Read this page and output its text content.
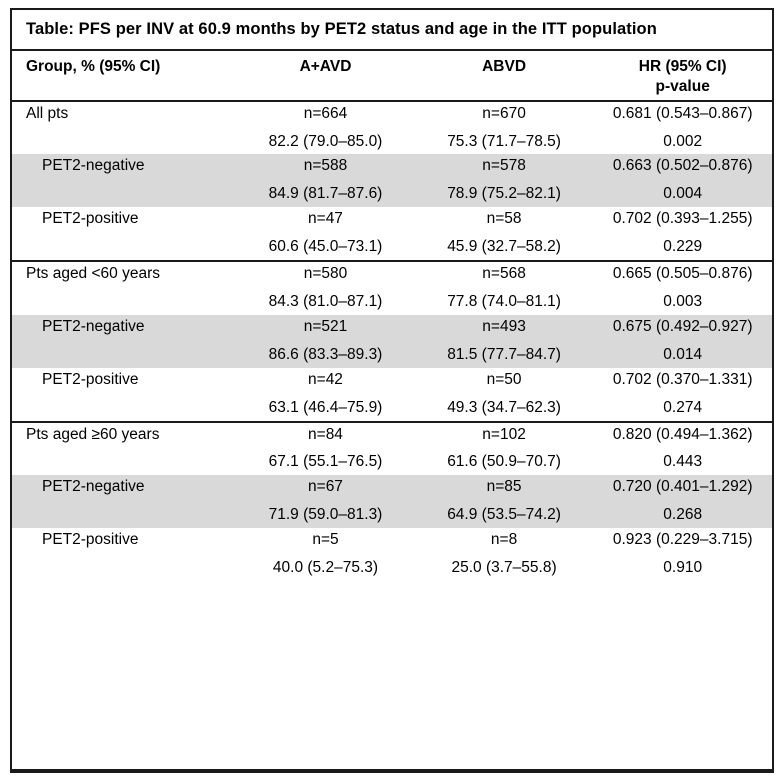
Table: PFS per INV at 60.9 months by PET2 status and age in the ITT population
Group, % (95% CI)	A+AVD	ABVD	HR (95% CI)
p-value

All pts	n=664	n=670	0.681 (0.543–0.867)
	82.2 (79.0–85.0)	75.3 (71.7–78.5)	0.002
PET2-negative	n=588	n=578	0.663 (0.502–0.876)
	84.9 (81.7–87.6)	78.9 (75.2–82.1)	0.004
PET2-positive	n=47	n=58	0.702 (0.393–1.255)
	60.6 (45.0–73.1)	45.9 (32.7–58.2)	0.229
Pts aged <60 years	n=580	n=568	0.665 (0.505–0.876)
	84.3 (81.0–87.1)	77.8 (74.0–81.1)	0.003
PET2-negative	n=521	n=493	0.675 (0.492–0.927)
	86.6 (83.3–89.3)	81.5 (77.7–84.7)	0.014
PET2-positive	n=42	n=50	0.702 (0.370–1.331)
	63.1 (46.4–75.9)	49.3 (34.7–62.3)	0.274
Pts aged ≥60 years	n=84	n=102	0.820 (0.494–1.362)
	67.1 (55.1–76.5)	61.6 (50.9–70.7)	0.443
PET2-negative	n=67	n=85	0.720 (0.401–1.292)
	71.9 (59.0–81.3)	64.9 (53.5–74.2)	0.268
PET2-positive	n=5	n=8	0.923 (0.229–3.715)
	40.0 (5.2–75.3)	25.0 (3.7–55.8)	0.910
